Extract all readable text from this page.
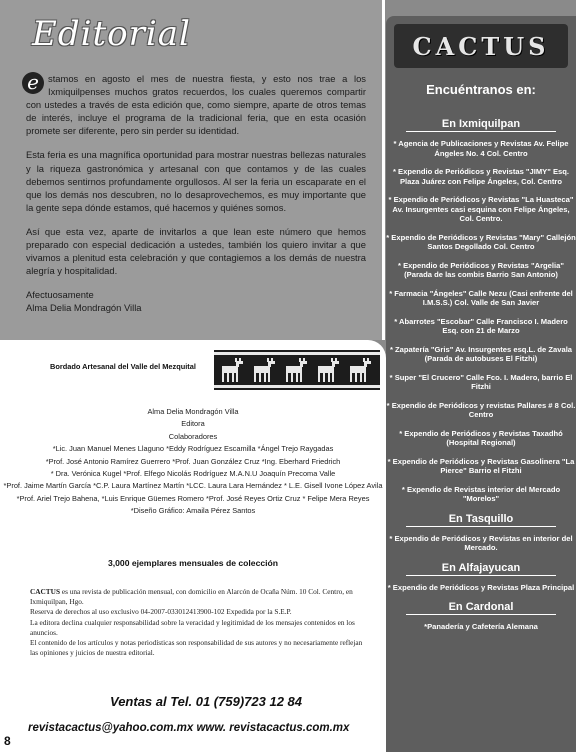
Editorial

e stamos en agosto el mes de nuestra fiesta, y esto nos trae a los Ixmiquilpenses muchos gratos recuerdos, los cuales queremos compartir con ustedes a través de esta edición que, como siempre, aparte de otros temas de interés, incluye el programa de la tradicional feria, que en esta ocasión promete ser diferente, pero sin perder su identidad.

Esta feria es una magnífica oportunidad para mostrar nuestras bellezas naturales y la riqueza gastronómica y artesanal con que contamos y de las cuales debemos sentirnos profundamente orgullosos. Al ser la feria un escaparate en el que los demás nos descubren, no lo desaprovechemos, es muy importante que la gente sepa dónde estamos, qué hacemos y quiénes somos.

Así que esta vez, aparte de invitarlos a que lean este número que hemos preparado con especial dedicación a ustedes, también los quiero invitar a que vivamos a plenitud esta celebración y que contagiemos a los demás de nuestra alegría y hospitalidad.

Afectuosamente
Alma Delia Mondragón Villa
CACTUS
Encuéntranos en:
En Ixmiquilpan
* Agencia de Publicaciones y Revistas Av. Felipe Ángeles No. 4 Col. Centro
* Expendio de Periódicos y Revistas "JIMY" Esq. Plaza Juárez con Felipe Ángeles, Col. Centro
* Expendio de Periódicos y Revistas "La Huasteca" Av. Insurgentes casi esquina con Felipe Ángeles, Col. Centro.
* Expendio de Periódicos y Revistas "Mary" Callejón Santos Degollado Col. Centro
* Expendio de Periódicos y Revistas "Argelia" (Parada de las combis Barrio San Antonio)
* Farmacia "Ángeles" Calle Nezu (Casi enfrente del I.M.S.S.) Col. Valle de San Javier
* Abarrotes "Escobar" Calle Francisco I. Madero Esq. con 21 de Marzo
* Zapatería "Gris" Av. Insurgentes esq.L. de Zavala (Parada de autobuses El Fitzhi)
* Super "El Crucero" Calle Fco. I. Madero, barrio El Fitzhi
* Expendio de Periódicos y revistas Pallares # 8 Col. Centro
* Expendio de Periódicos y Revistas Taxadhó (Hospital Regional)
* Expendio de Periódicos y Revistas Gasolinera "La Pierce" Barrio el Fitzhi
* Expendio de Revistas interior del Mercado "Morelos"
En Tasquillo
* Expendio de Periódicos y Revistas en interior del Mercado.
En Alfajayucan
* Expendio de Periódicos y Revistas Plaza Principal
En Cardonal
*Panadería y Cafetería Alemana
Bordado Artesanal del Valle del Mezquital
Alma Delia Mondragón Villa
Editora
Colaboradores
*Lic. Juan Manuel Menes Llaguno *Eddy Rodríguez Escamilla *Ángel Trejo Raygadas
*Prof. José Antonio Ramírez Guerrero *Prof. Juan González Cruz *Ing. Eberhard Friedrich
* Dra. Verónica Kugel *Prof. Elfego Nicolás Rodríguez M.A.N.U Joaquín Precoma Valle
*Prof. Jaime Martín García *C.P. Laura Martínez Martín *LCC. Laura Lara Hernández * L.E. Gisell Ivone López Avila
*Prof. Ariel Trejo Bahena, *Luis Enrique Güemes Romero *Prof. José Reyes Ortiz Cruz * Felipe Mera Reyes
*Diseño Gráfico: Amaila Pérez Santos
3,000 ejemplares mensuales de colección

CACTUS es una revista de publicación mensual, con domicilio en Alarcón de Ocaña Núm. 10 Col. Centro, en Ixmiquilpan, Hgo.

Reserva de derechos al uso exclusivo 04-2007-033012413900-102 Expedida por la S.E.P.

La editora declina cualquier responsabilidad sobre la veracidad y legitimidad de los mensajes contenidos en los anuncios.

El contenido de los artículos y notas periodísticas son responsabilidad de sus autores y no necesariamente reflejan las opiniones y juicios de nuestra editorial.

Ventas al Tel. 01 (759)723 12 84
revistacactus@yahoo.com.mx www. revistacactus.com.mx
8
